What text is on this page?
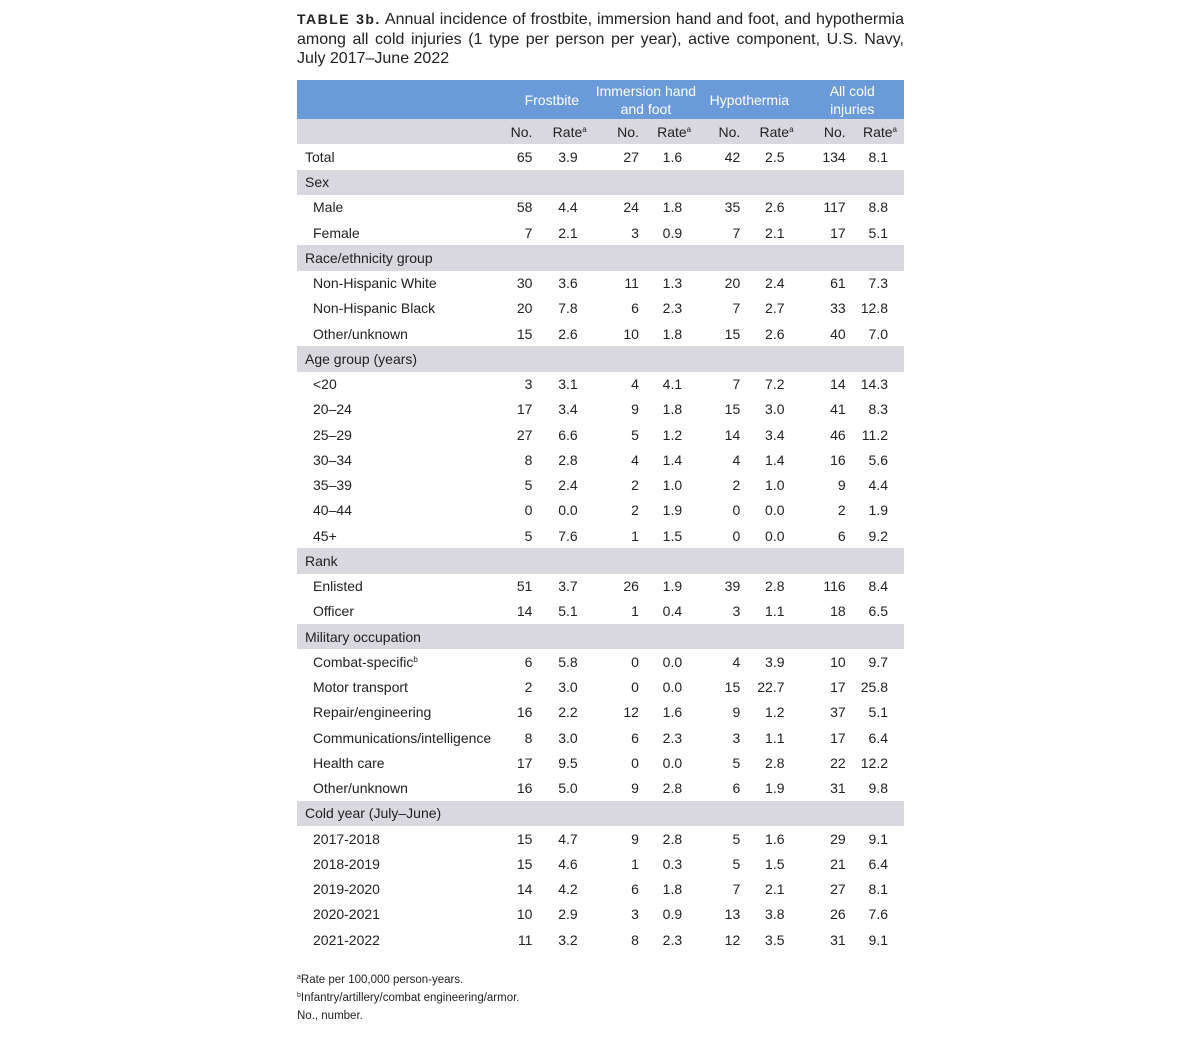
TABLE 3b. Annual incidence of frostbite, immersion hand and foot, and hypothermia among all cold injuries (1 type per person per year), active component, U.S. Navy, July 2017–June 2022
	Frostbite		Immersion hand and foot		Hypothermia		All cold injuries	
	No.	Rate$^a$	No.	Rate$^a$	No.	Rate$^a$	No.	Rate$^a$
Total	65	3.9	27	1.6	42	2.5	134	8.1
Sex								
Male	58	4.4	24	1.8	35	2.6	117	8.8
Female	7	2.1	3	0.9	7	2.1	17	5.1
Race/ethnicity group								
Non-Hispanic White	30	3.6	11	1.3	20	2.4	61	7.3
Non-Hispanic Black	20	7.8	6	2.3	7	2.7	33	12.8
Other/unknown	15	2.6	10	1.8	15	2.6	40	7.0
Age group (years)								
<20	3	3.1	4	4.1	7	7.2	14	14.3
20–24	17	3.4	9	1.8	15	3.0	41	8.3
25–29	27	6.6	5	1.2	14	3.4	46	11.2
30–34	8	2.8	4	1.4	4	1.4	16	5.6
35–39	5	2.4	2	1.0	2	1.0	9	4.4
40–44	0	0.0	2	1.9	0	0.0	2	1.9
45+	5	7.6	1	1.5	0	0.0	6	9.2
Rank								
Enlisted	51	3.7	26	1.9	39	2.8	116	8.4
Officer	14	5.1	1	0.4	3	1.1	18	6.5
Military occupation								
Combat-specific$^b$	6	5.8	0	0.0	4	3.9	10	9.7
Motor transport	2	3.0	0	0.0	15	22.7	17	25.8
Repair/engineering	16	2.2	12	1.6	9	1.2	37	5.1
Communications/intelligence	8	3.0	6	2.3	3	1.1	17	6.4
Health care	17	9.5	0	0.0	5	2.8	22	12.2
Other/unknown	16	5.0	9	2.8	6	1.9	31	9.8
Cold year (July–June)								
2017-2018	15	4.7	9	2.8	5	1.6	29	9.1
2018-2019	15	4.6	1	0.3	5	1.5	21	6.4
2019-2020	14	4.2	6	1.8	7	2.1	27	8.1
2020-2021	10	2.9	3	0.9	13	3.8	26	7.6
2021-2022	11	3.2	8	2.3	12	3.5	31	9.1
$^a$Rate per 100,000 person-years.
$^b$Infantry/artillery/combat engineering/armor.
No., number.
